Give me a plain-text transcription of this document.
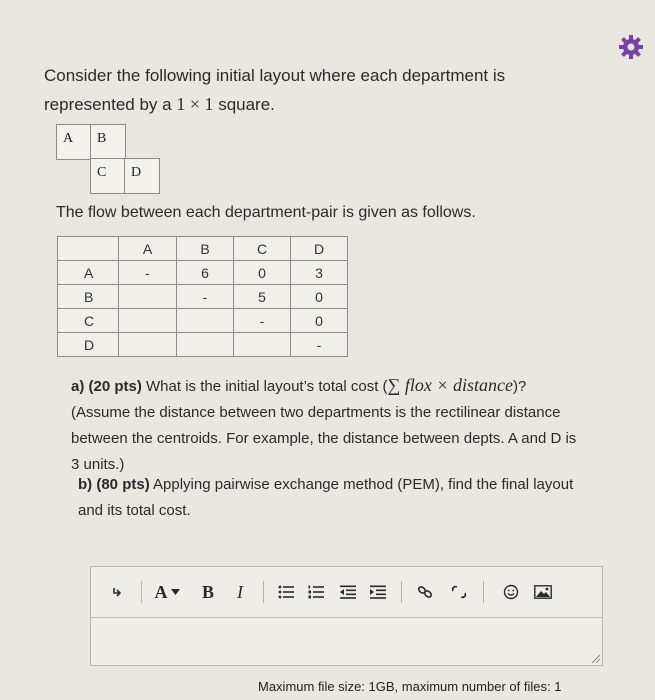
Consider the following initial layout where each department is
represented by a 1 × 1 square.
A B
C D
The flow between each department-pair is given as follows.
	A	B	C	D
A	-	6	0	3
B		-	5	0
C			-	0
D				-
a) (20 pts) What is the initial layout’s total cost (∑ flox × distance)?
(Assume the distance between two departments is the rectilinear distance
between the centroids. For example, the distance between depts. A and D is
3 units.)
b) (80 pts) Applying pairwise exchange method (PEM), find the final layout
and its total cost.
A B I
Maximum file size: 1GB, maximum number of files: 1
